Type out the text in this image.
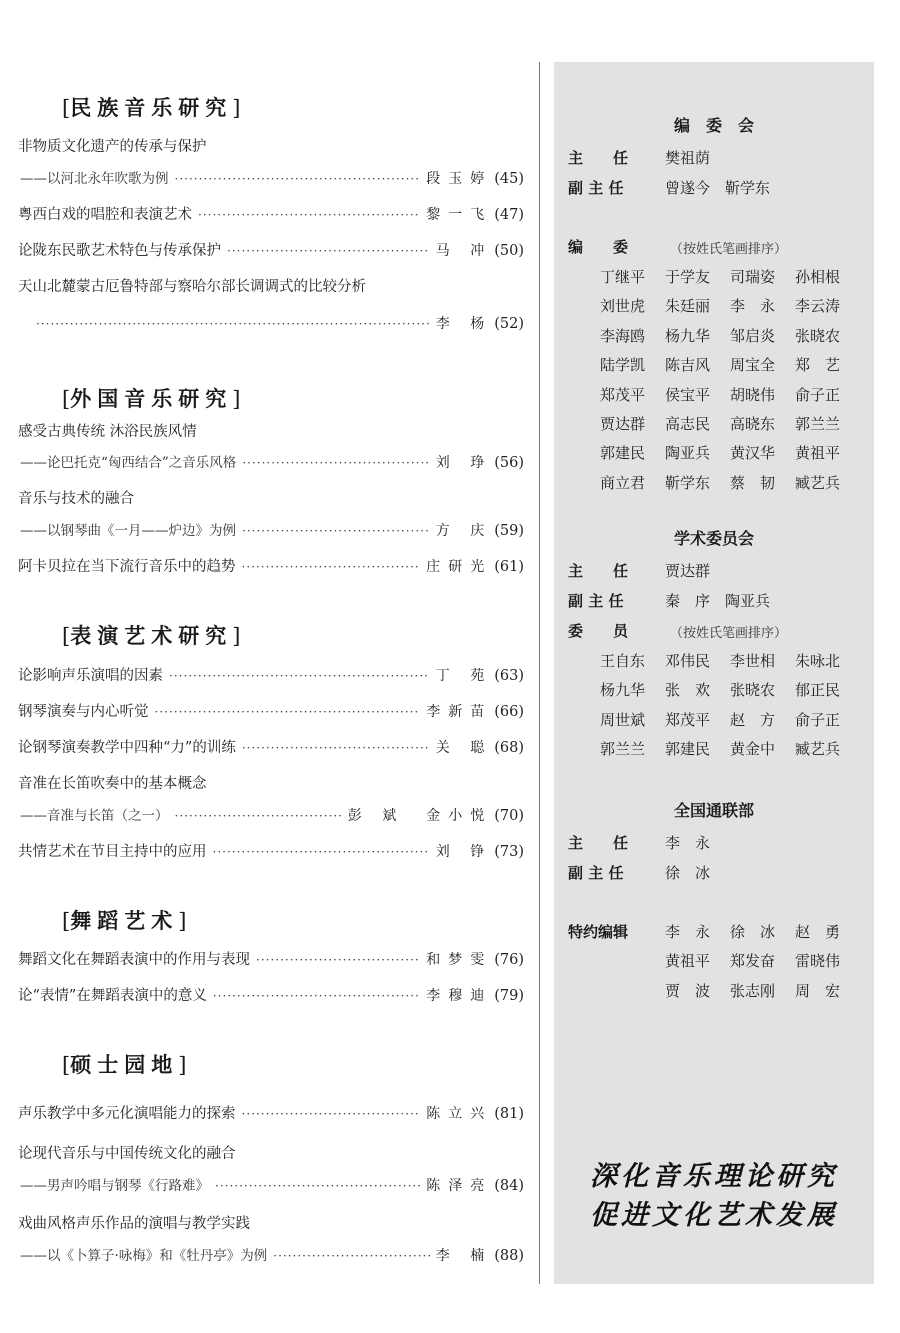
[民族音乐研究]
非物质文化遗产的传承与保护
——以河北永年吹歌为例 ·····	段玉婷 (45)
粤西白戏的唱腔和表演艺术 ·····	黎一飞 (47)
论陇东民歌艺术特色与传承保护 ·····	马 冲 (50)
天山北麓蒙古厄鲁特部与察哈尔部长调调式的比较分析
·····
李 杨 (52)
[外国音乐研究]
感受古典传统 沐浴民族风情
——论巴托克“匈西结合”之音乐风格 ·····	刘 琤 (56)
音乐与技术的融合
——以钢琴曲《一月——炉边》为例 ·····	方 庆 (59)
阿卡贝拉在当下流行音乐中的趋势 ·····	庄研光 (61)
[表演艺术研究]
论影响声乐演唱的因素 ·····	丁 苑 (63)
钢琴演奏与内心听觉 ·····	李新苗 (66)
论钢琴演奏教学中四种“力”的训练 ·····	关 聪 (68)
音准在长笛吹奏中的基本概念
——音准与长笛（之一） ·····	彭 斌　金小悦 (70)
共情艺术在节目主持中的应用 ·····	刘 铮 (73)
[舞蹈艺术]
舞蹈文化在舞蹈表演中的作用与表现 ·····	和梦雯 (76)
论“表情”在舞蹈表演中的意义 ·····	李穆迪 (79)
[硕士园地]
声乐教学中多元化演唱能力的探索 ·····	陈立兴 (81)
论现代音乐与中国传统文化的融合
——男声吟唱与钢琴《行路难》 ·····	陈泽亮 (84)
戏曲风格声乐作品的演唱与教学实践
——以《卜算子·咏梅》和《牡丹亭》为例 ·····	李 楠 (88)
编　委　会
主　　任 樊祖荫
副 主 任	曾遂今　靳学东
编　　委	（按姓氏笔画排序）
丁继平 于学友 司瑞姿 孙相根
刘世虎 朱廷丽 李　永 李云涛
李海鸥 杨九华 邹启炎 张晓农
陆学凯 陈吉风 周宝全 郑　艺
郑茂平 侯宝平 胡晓伟 俞子正
贾达群 高志民 高晓东 郭兰兰
郭建民 陶亚兵 黄汉华 黄祖平
商立君 靳学东 蔡　韧 臧艺兵
学术委员会
主　　任 贾达群
副 主 任	秦　序　陶亚兵
委　　员	（按姓氏笔画排序）
王自东 邓伟民 李世相 朱咏北
杨九华 张　欢 张晓农 郁正民
周世斌 郑茂平 赵　方 俞子正
郭兰兰 郭建民 黄金中 臧艺兵
全国通联部
主　　任 李　永
副 主 任	徐　冰
特约编辑 李　永 徐　冰 赵　勇
黄祖平 郑发奋 雷晓伟
贾　波 张志刚 周　宏
深化音乐理论研究
促进文化艺术发展
